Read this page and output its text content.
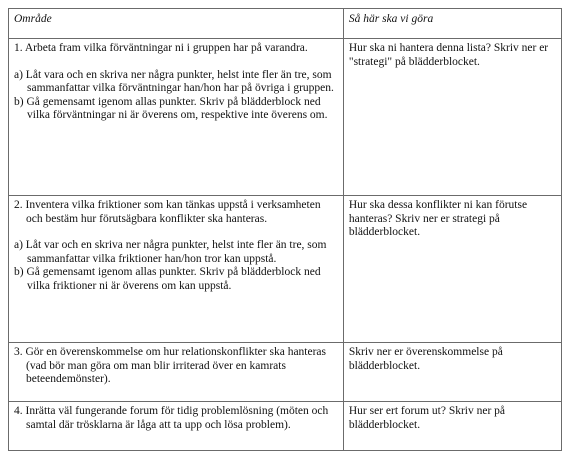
Område	Så här ska vi göra

1. Arbeta fram vilka förväntningar ni i gruppen har på varandra.

a) Låt vara och en skriva ner några punkter, helst inte fler än tre, som sammanfattar vilka förväntningar han/hon har på övriga i gruppen.

b) Gå gemensamt igenom allas punkter. Skriv på blädderblock ned vilka förväntningar ni är överens om, respektive inte överens om.	Hur ska ni hantera denna lista? Skriv ner er "strategi" på blädderblocket.

2. Inventera vilka friktioner som kan tänkas uppstå i verksamheten och bestäm hur förutsägbara konflikter ska hanteras.

a) Låt var och en skriva ner några punkter, helst inte fler än tre, som sammanfattar vilka friktioner han/hon tror kan uppstå.

b) Gå gemensamt igenom allas punkter. Skriv på blädderblock ned vilka friktioner ni är överens om kan uppstå.	Hur ska dessa konflikter ni kan förutse hanteras? Skriv ner er strategi på blädderblocket.

3. Gör en överenskommelse om hur relationskonflikter ska hanteras (vad bör man göra om man blir irriterad över en kamrats beteendemönster).	Skriv ner er överenskommelse på blädderblocket.

4. Inrätta väl fungerande forum för tidig problemlösning (möten och samtal där trösklarna är låga att ta upp och lösa problem).	Hur ser ert forum ut? Skriv ner på blädderblocket.
